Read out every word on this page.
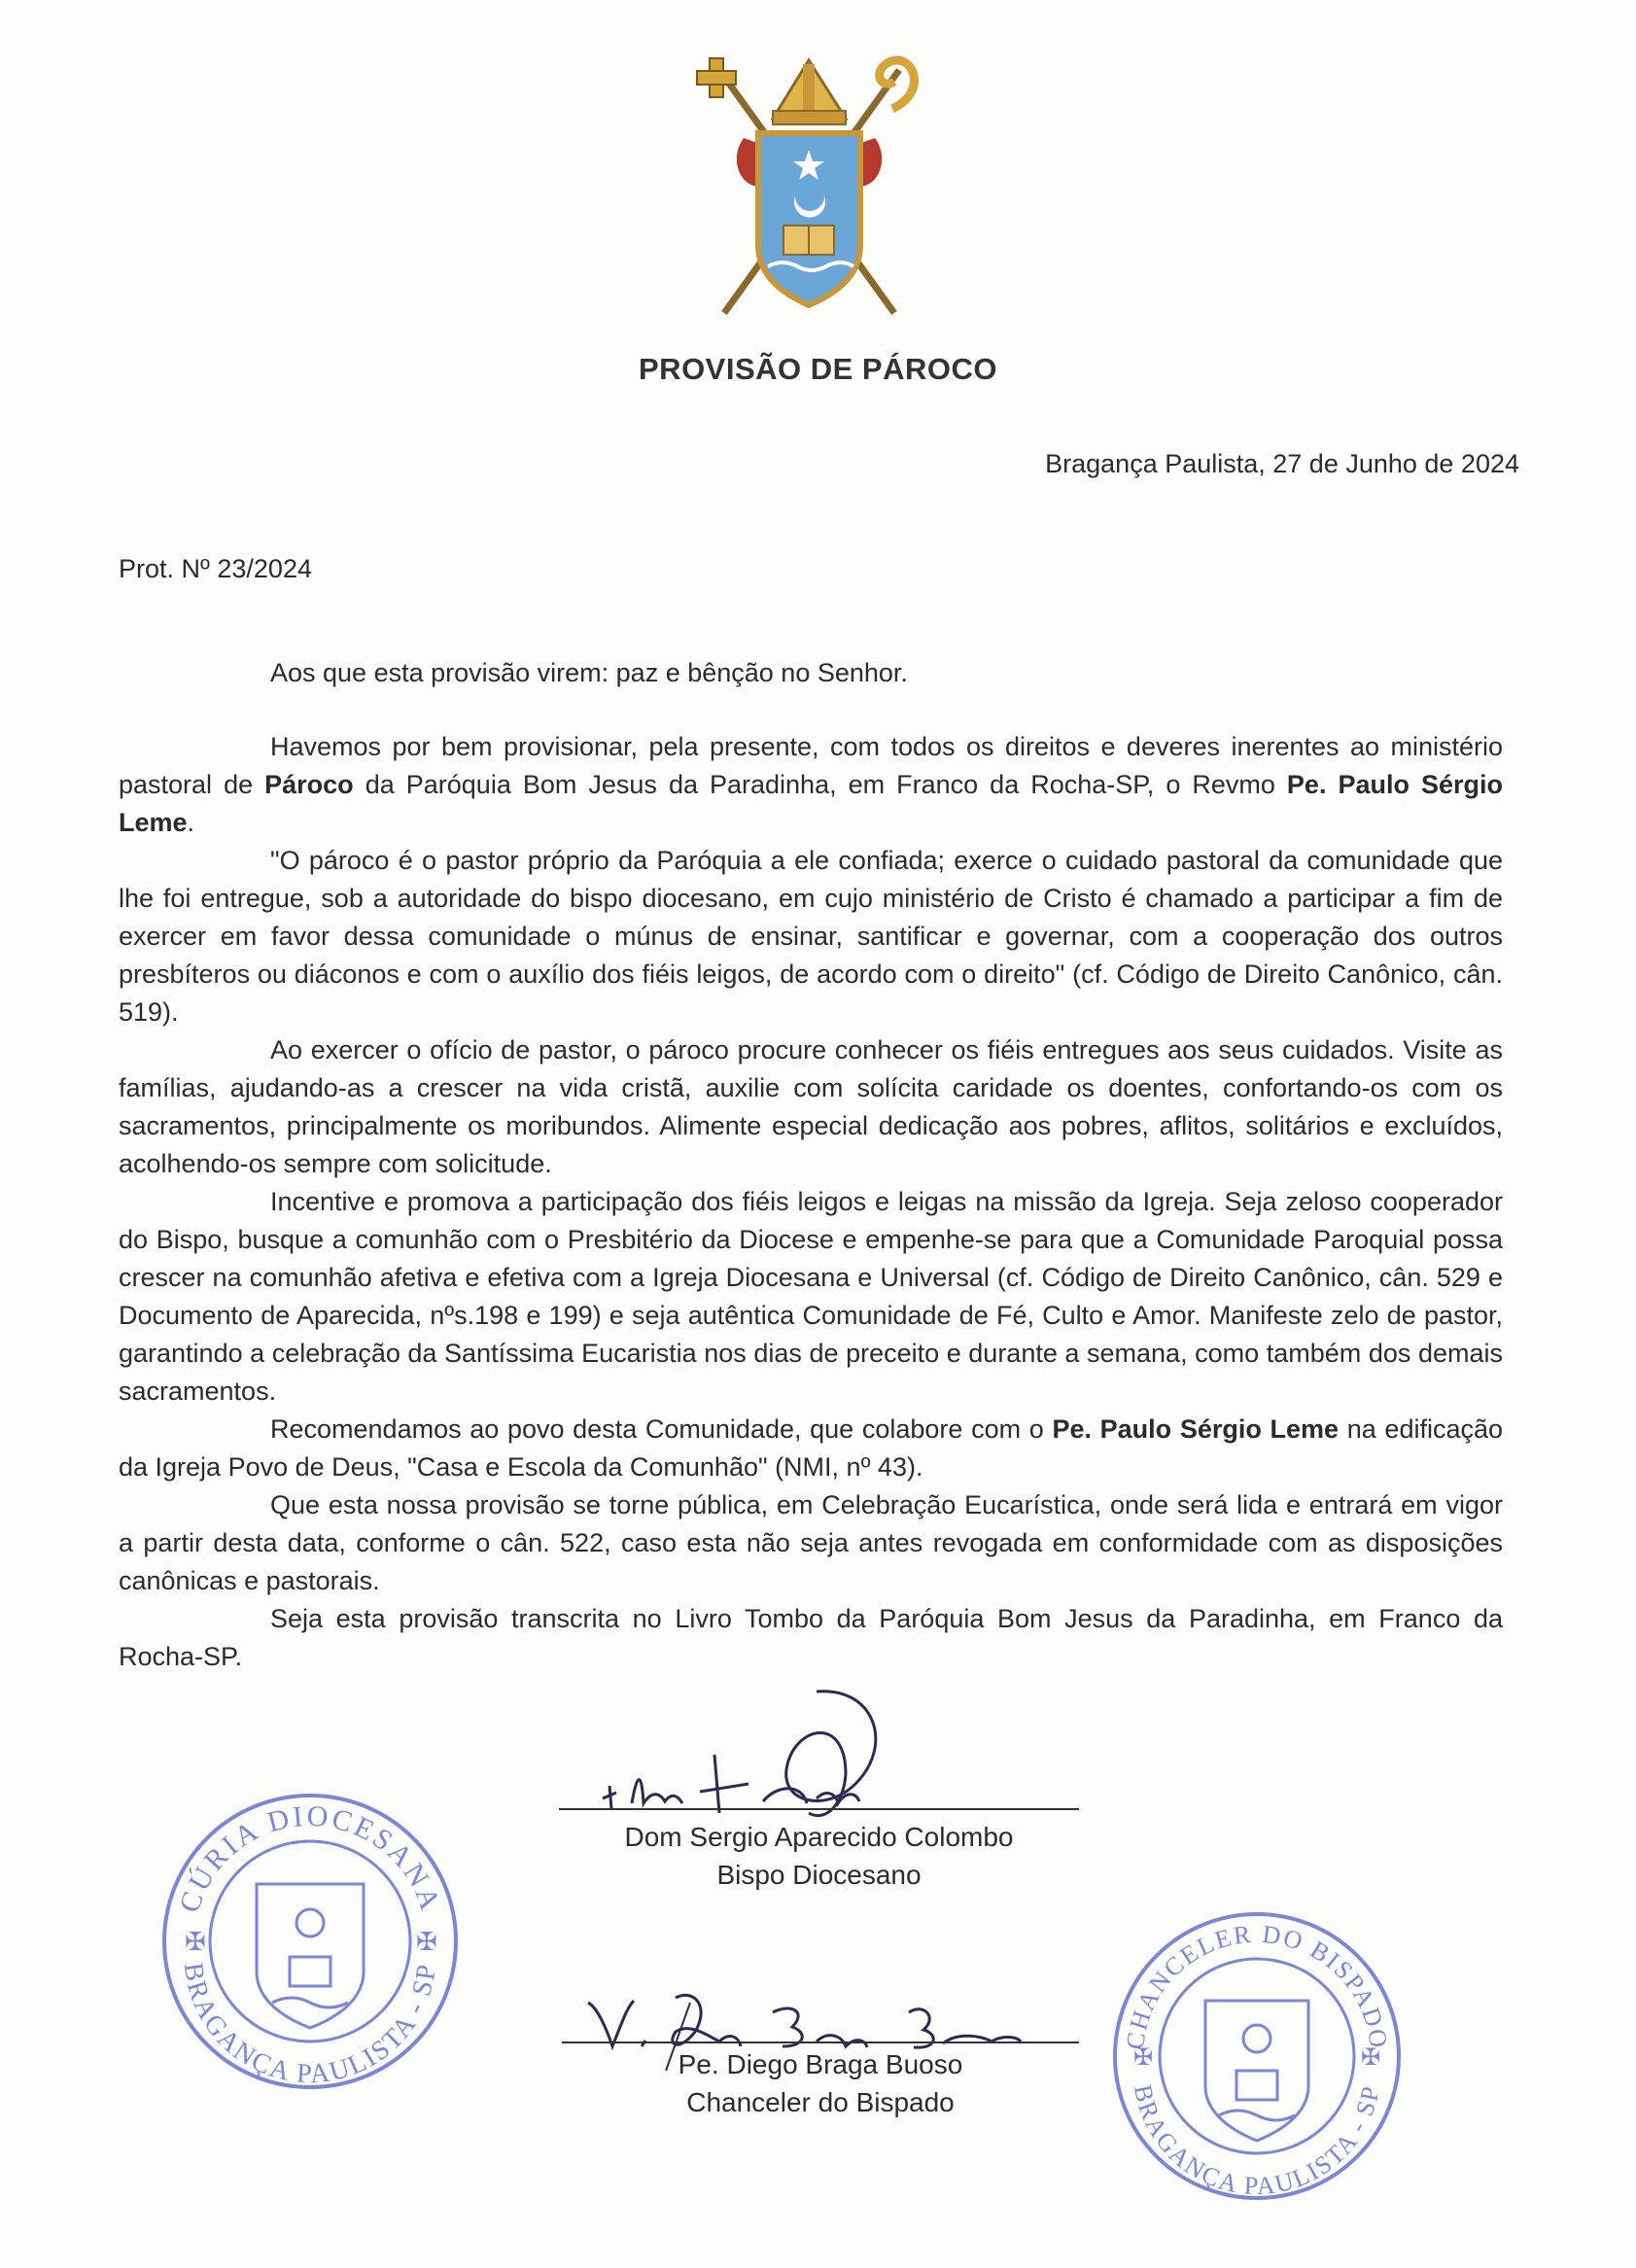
PROVISÃO DE PÁROCO
Bragança Paulista, 27 de Junho de 2024
Prot. Nº 23/2024

Aos que esta provisão virem: paz e bênção no Senhor.

Havemos por bem provisionar, pela presente, com todos os direitos e deveres inerentes ao ministério pastoral de Pároco da Paróquia Bom Jesus da Paradinha, em Franco da Rocha-SP, o Revmo Pe. Paulo Sérgio Leme.

"O pároco é o pastor próprio da Paróquia a ele confiada; exerce o cuidado pastoral da comunidade que lhe foi entregue, sob a autoridade do bispo diocesano, em cujo ministério de Cristo é chamado a participar a fim de exercer em favor dessa comunidade o múnus de ensinar, santificar e governar, com a cooperação dos outros presbíteros ou diáconos e com o auxílio dos fiéis leigos, de acordo com o direito" (cf. Código de Direito Canônico, cân. 519).

Ao exercer o ofício de pastor, o pároco procure conhecer os fiéis entregues aos seus cuidados. Visite as famílias, ajudando-as a crescer na vida cristã, auxilie com solícita caridade os doentes, confortando-os com os sacramentos, principalmente os moribundos. Alimente especial dedicação aos pobres, aflitos, solitários e excluídos, acolhendo-os sempre com solicitude.

Incentive e promova a participação dos fiéis leigos e leigas na missão da Igreja. Seja zeloso cooperador do Bispo, busque a comunhão com o Presbitério da Diocese e empenhe-se para que a Comunidade Paroquial possa crescer na comunhão afetiva e efetiva com a Igreja Diocesana e Universal (cf. Código de Direito Canônico, cân. 529 e Documento de Aparecida, nºs.198 e 199) e seja autêntica Comunidade de Fé, Culto e Amor. Manifeste zelo de pastor, garantindo a celebração da Santíssima Eucaristia nos dias de preceito e durante a semana, como também dos demais sacramentos.

Recomendamos ao povo desta Comunidade, que colabore com o Pe. Paulo Sérgio Leme na edificação da Igreja Povo de Deus, "Casa e Escola da Comunhão" (NMI, nº 43).

Que esta nossa provisão se torne pública, em Celebração Eucarística, onde será lida e entrará em vigor a partir desta data, conforme o cân. 522, caso esta não seja antes revogada em conformidade com as disposições canônicas e pastorais.

Seja esta provisão transcrita no Livro Tombo da Paróquia Bom Jesus da Paradinha, em Franco da Rocha-SP.

Dom Sergio Aparecido Colombo
Bispo Diocesano
Pe. Diego Braga Buoso
Chanceler do Bispado
CÚRIA DIOCESANA
BRAGANÇA PAULISTA - SP
✠	✠
CHANCELER DO BISPADO
BRAGANÇA PAULISTA - SP
✠	✠
